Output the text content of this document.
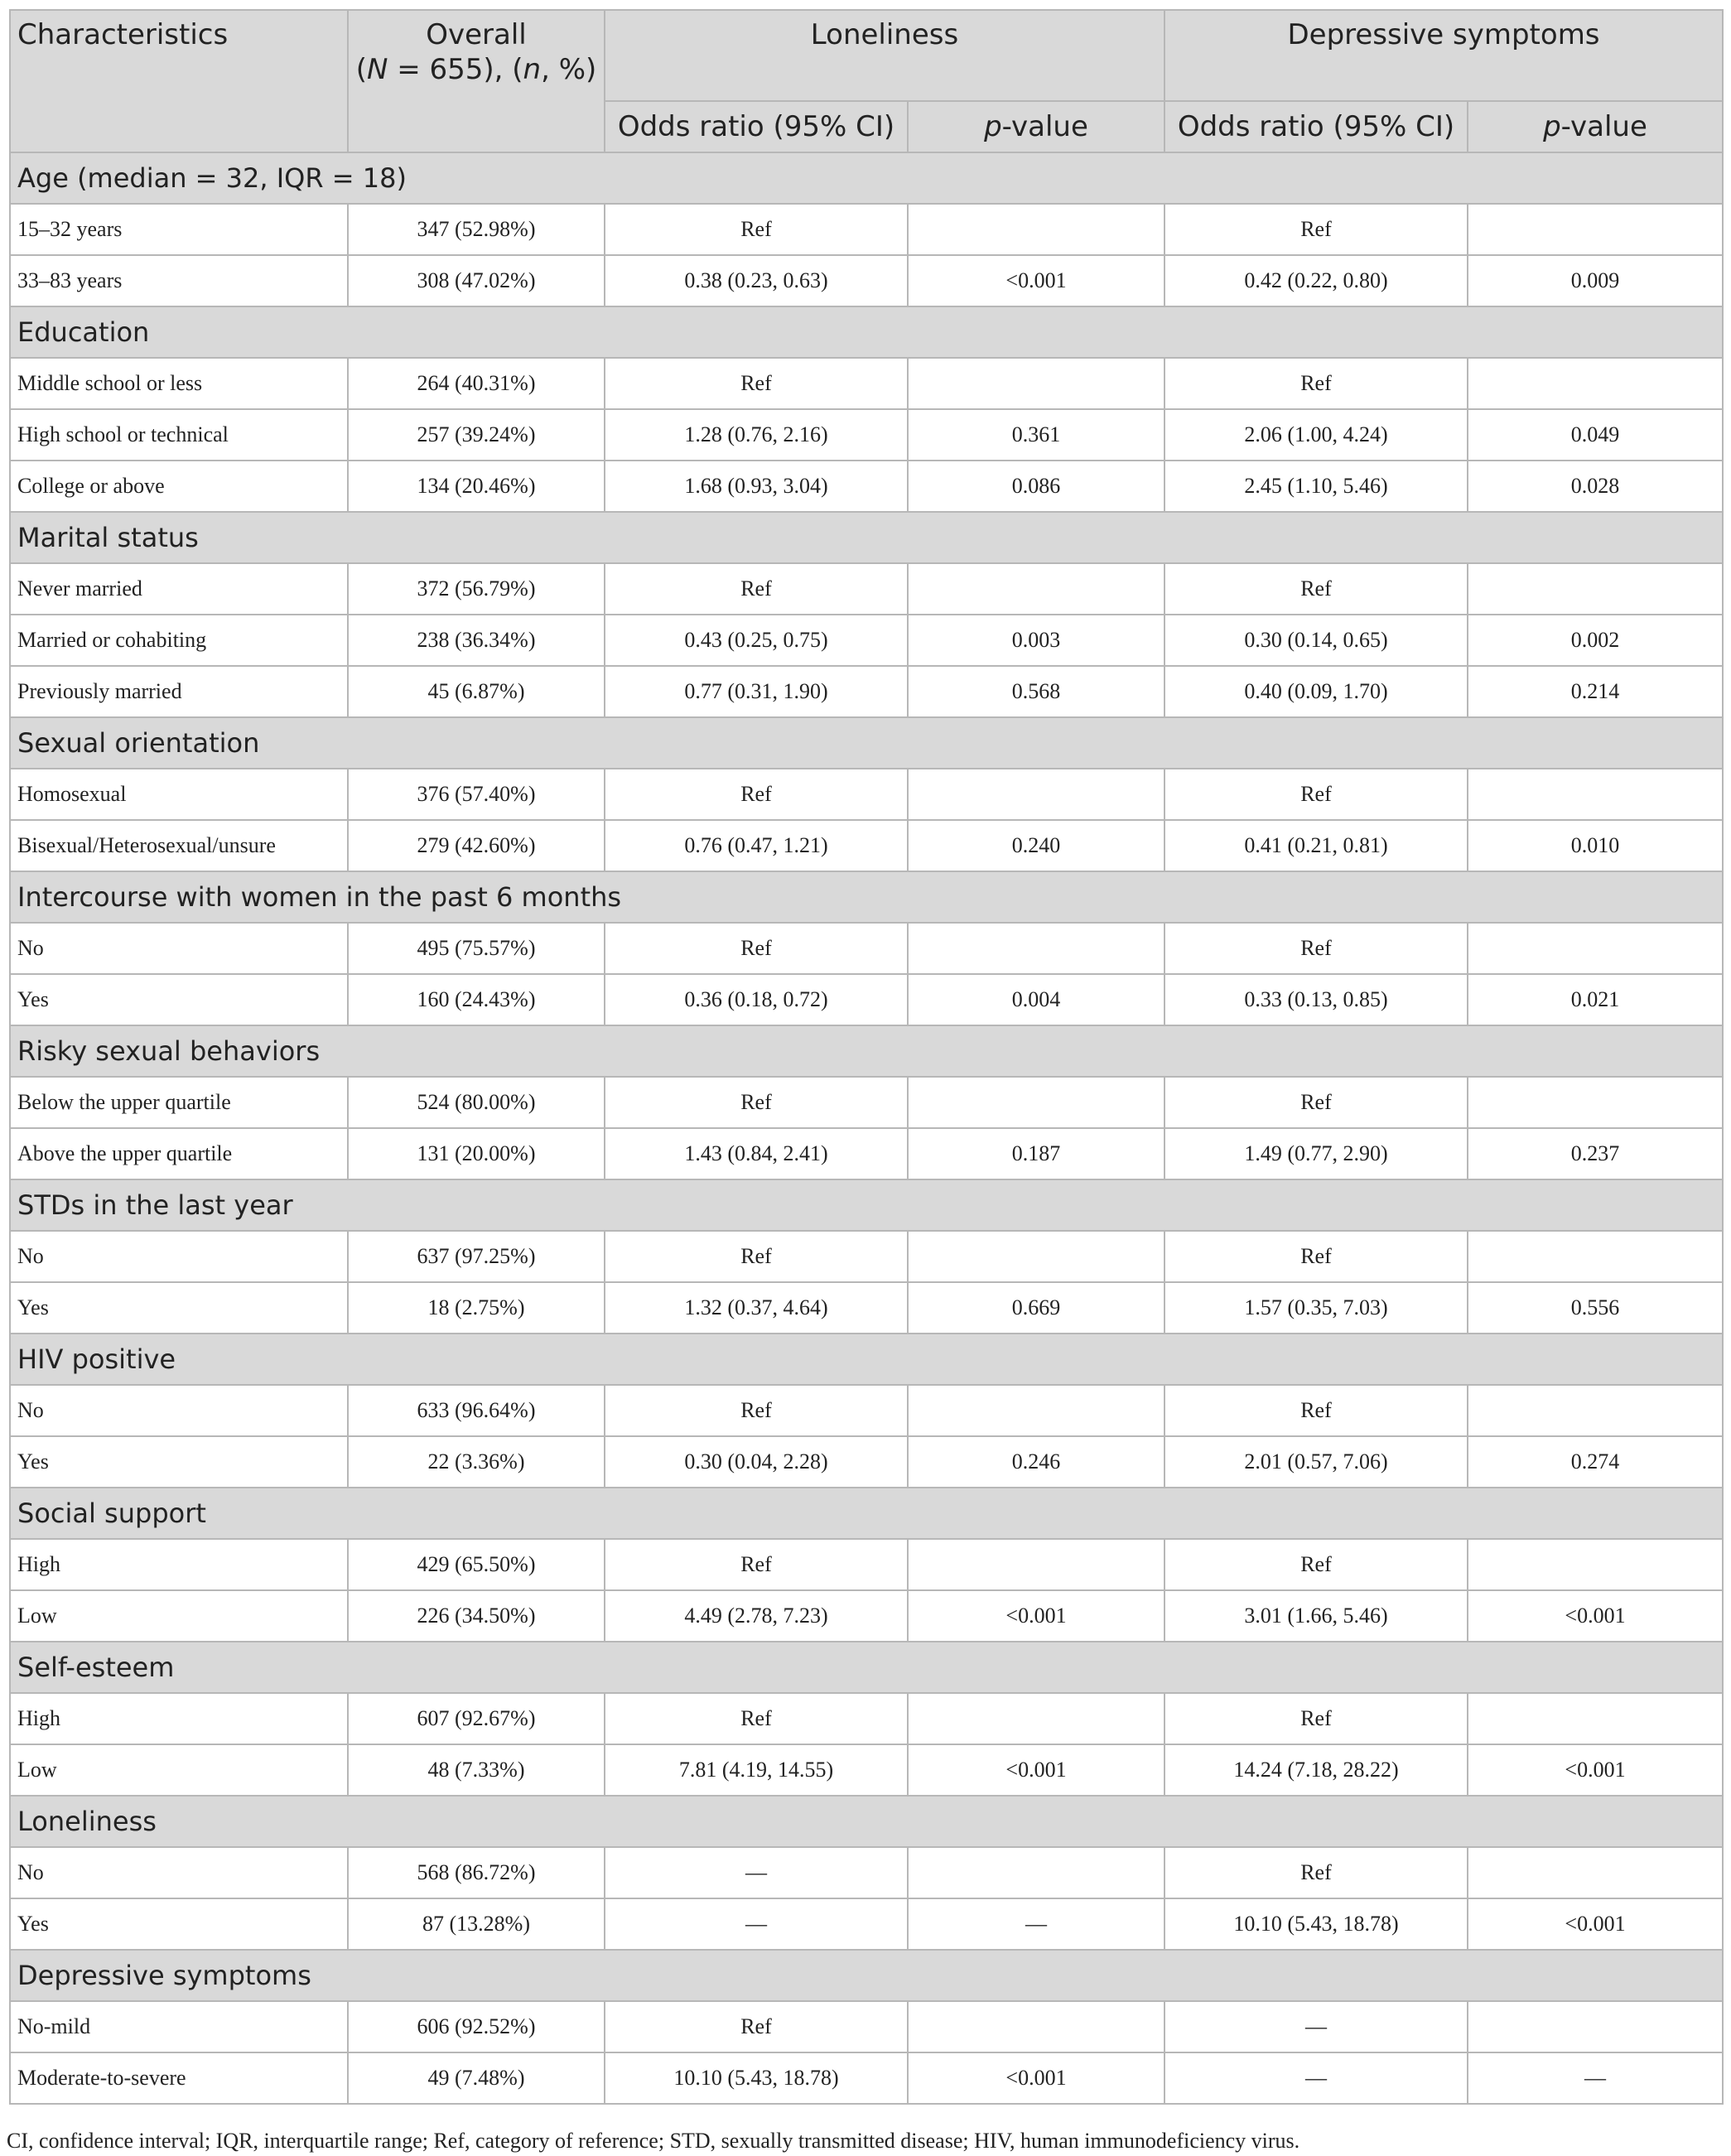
Characteristics	Overall
(N = 655), (n, %)	Loneliness		Depressive symptoms	
		Odds ratio (95% CI)	p-value	Odds ratio (95% CI)	p-value
Age (median = 32, IQR = 18)					
15–32 years	347 (52.98%)	Ref		Ref	
33–83 years	308 (47.02%)	0.38 (0.23, 0.63)	<0.001	0.42 (0.22, 0.80)	0.009
Education					
Middle school or less	264 (40.31%)	Ref		Ref	
High school or technical	257 (39.24%)	1.28 (0.76, 2.16)	0.361	2.06 (1.00, 4.24)	0.049
College or above	134 (20.46%)	1.68 (0.93, 3.04)	0.086	2.45 (1.10, 5.46)	0.028
Marital status					
Never married	372 (56.79%)	Ref		Ref	
Married or cohabiting	238 (36.34%)	0.43 (0.25, 0.75)	0.003	0.30 (0.14, 0.65)	0.002
Previously married	45 (6.87%)	0.77 (0.31, 1.90)	0.568	0.40 (0.09, 1.70)	0.214
Sexual orientation					
Homosexual	376 (57.40%)	Ref		Ref	
Bisexual/Heterosexual/unsure	279 (42.60%)	0.76 (0.47, 1.21)	0.240	0.41 (0.21, 0.81)	0.010
Intercourse with women in the past 6 months					
No	495 (75.57%)	Ref		Ref	
Yes	160 (24.43%)	0.36 (0.18, 0.72)	0.004	0.33 (0.13, 0.85)	0.021
Risky sexual behaviors					
Below the upper quartile	524 (80.00%)	Ref		Ref	
Above the upper quartile	131 (20.00%)	1.43 (0.84, 2.41)	0.187	1.49 (0.77, 2.90)	0.237
STDs in the last year					
No	637 (97.25%)	Ref		Ref	
Yes	18 (2.75%)	1.32 (0.37, 4.64)	0.669	1.57 (0.35, 7.03)	0.556
HIV positive					
No	633 (96.64%)	Ref		Ref	
Yes	22 (3.36%)	0.30 (0.04, 2.28)	0.246	2.01 (0.57, 7.06)	0.274
Social support					
High	429 (65.50%)	Ref		Ref	
Low	226 (34.50%)	4.49 (2.78, 7.23)	<0.001	3.01 (1.66, 5.46)	<0.001
Self-esteem					
High	607 (92.67%)	Ref		Ref	
Low	48 (7.33%)	7.81 (4.19, 14.55)	<0.001	14.24 (7.18, 28.22)	<0.001
Loneliness					
No	568 (86.72%)	—		Ref	
Yes	87 (13.28%)	—	—	10.10 (5.43, 18.78)	<0.001
Depressive symptoms					
No-mild	606 (92.52%)	Ref		—	
Moderate-to-severe	49 (7.48%)	10.10 (5.43, 18.78)	<0.001	—	—
CI, confidence interval; IQR, interquartile range; Ref, category of reference; STD, sexually transmitted disease; HIV, human immunodeficiency virus.
